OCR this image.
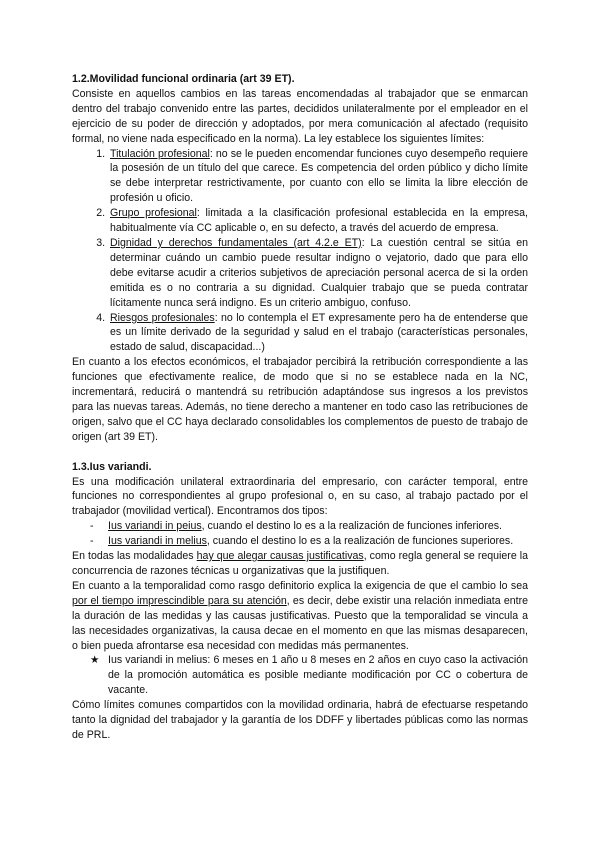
1.2.Movilidad funcional ordinaria (art 39 ET).

Consiste en aquellos cambios en las tareas encomendadas al trabajador que se enmarcan dentro del trabajo convenido entre las partes, decididos unilateralmente por el empleador en el ejercicio de su poder de dirección y adoptados, por mera comunicación al afectado (requisito formal, no viene nada especificado en la norma). La ley establece los siguientes límites:

1. Titulación profesional: no se le pueden encomendar funciones cuyo desempeño requiere la posesión de un título del que carece. Es competencia del orden público y dicho límite se debe interpretar restrictivamente, por cuanto con ello se limita la libre elección de profesión u oficio.
2. Grupo profesional: limitada a la clasificación profesional establecida en la empresa, habitualmente vía CC aplicable o, en su defecto, a través del acuerdo de empresa.
3. Dignidad y derechos fundamentales (art 4.2.e ET): La cuestión central se sitúa en determinar cuándo un cambio puede resultar indigno o vejatorio, dado que para ello debe evitarse acudir a criterios subjetivos de apreciación personal acerca de si la orden emitida es o no contraria a su dignidad. Cualquier trabajo que se pueda contratar lícitamente nunca será indigno. Es un criterio ambiguo, confuso.
4. Riesgos profesionales: no lo contempla el ET expresamente pero ha de entenderse que es un límite derivado de la seguridad y salud en el trabajo (características personales, estado de salud, discapacidad...)

En cuanto a los efectos económicos, el trabajador percibirá la retribución correspondiente a las funciones que efectivamente realice, de modo que si no se establece nada en la NC, incrementará, reducirá o mantendrá su retribución adaptándose sus ingresos a los previstos para las nuevas tareas. Además, no tiene derecho a mantener en todo caso las retribuciones de origen, salvo que el CC haya declarado consolidables los complementos de puesto de trabajo de origen (art 39 ET).

1.3.Ius variandi.

Es una modificación unilateral extraordinaria del empresario, con carácter temporal, entre funciones no correspondientes al grupo profesional o, en su caso, al trabajo pactado por el trabajador (movilidad vertical). Encontramos dos tipos:

- Ius variandi in peius, cuando el destino lo es a la realización de funciones inferiores.
- Ius variandi in melius, cuando el destino lo es a la realización de funciones superiores.

En todas las modalidades hay que alegar causas justificativas, como regla general se requiere la concurrencia de razones técnicas u organizativas que la justifiquen.

En cuanto a la temporalidad como rasgo definitorio explica la exigencia de que el cambio lo sea por el tiempo imprescindible para su atención, es decir, debe existir una relación inmediata entre la duración de las medidas y las causas justificativas. Puesto que la temporalidad se vincula a las necesidades organizativas, la causa decae en el momento en que las mismas desaparecen, o bien pueda afrontarse esa necesidad con medidas más permanentes.

★ Ius variandi in melius: 6 meses en 1 año u 8 meses en 2 años en cuyo caso la activación de la promoción automática es posible mediante modificación por CC o cobertura de vacante.

Cómo límites comunes compartidos con la movilidad ordinaria, habrá de efectuarse respetando tanto la dignidad del trabajador y la garantía de los DDFF y libertades públicas como las normas de PRL.
